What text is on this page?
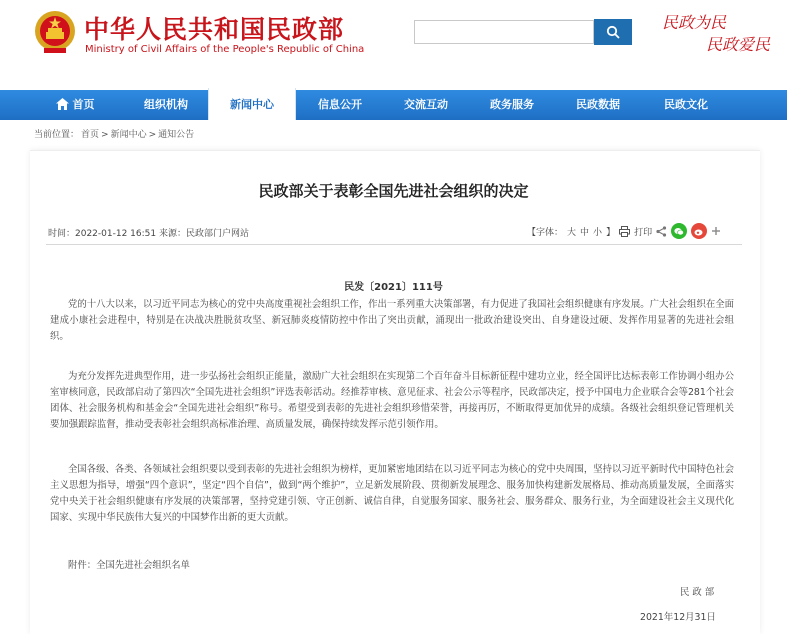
中华人民共和国民政部
Ministry of Civil Affairs of the People's Republic of China
民政为民
民政爱民
首页	组织机构	新闻中心	信息公开	交流互动	政务服务	民政数据	民政文化
当前位置： 首页 > 新闻中心 > 通知公告
民政部关于表彰全国先进社会组织的决定
时间：2022-01-12 16:51 来源：民政部门户网站	【字体： 大 中 小 】 打印
民发〔2021〕111号

党的十八大以来，以习近平同志为核心的党中央高度重视社会组织工作，作出一系列重大决策部署，有力促进了我国社会组织健康有序发展。广大社会组织在全面建成小康社会进程中，特别是在决战决胜脱贫攻坚、新冠肺炎疫情防控中作出了突出贡献，涌现出一批政治建设突出、自身建设过硬、发挥作用显著的先进社会组织。

为充分发挥先进典型作用，进一步弘扬社会组织正能量，激励广大社会组织在实现第二个百年奋斗目标新征程中建功立业，经全国评比达标表彰工作协调小组办公室审核同意，民政部启动了第四次“全国先进社会组织”评选表彰活动。经推荐审核、意见征求、社会公示等程序，民政部决定，授予中国电力企业联合会等281个社会团体、社会服务机构和基金会“全国先进社会组织”称号。希望受到表彰的先进社会组织珍惜荣誉，再接再厉，不断取得更加优异的成绩。各级社会组织登记管理机关要加强跟踪监督，推动受表彰社会组织高标准治理、高质量发展，确保持续发挥示范引领作用。

全国各级、各类、各领域社会组织要以受到表彰的先进社会组织为榜样，更加紧密地团结在以习近平同志为核心的党中央周围，坚持以习近平新时代中国特色社会主义思想为指导，增强“四个意识”，坚定“四个自信”，做到“两个维护”，立足新发展阶段、贯彻新发展理念、服务加快构建新发展格局、推动高质量发展，全面落实党中央关于社会组织健康有序发展的决策部署，坚持党建引领、守正创新、诚信自律，自觉服务国家、服务社会、服务群众、服务行业，为全面建设社会主义现代化国家、实现中华民族伟大复兴的中国梦作出新的更大贡献。

附件：全国先进社会组织名单
民 政 部
2021年12月31日
